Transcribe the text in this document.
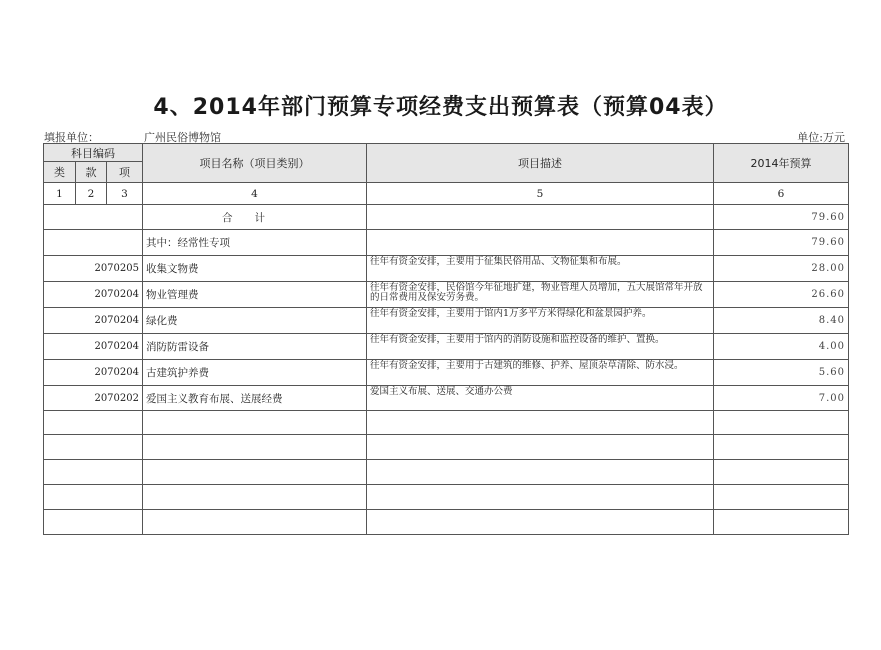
4、2014年部门预算专项经费支出预算表（预算04表）
填报单位：	广州民俗博物馆	单位:万元
科目编码			项目名称（项目类别）	项目描述	2014年预算
类	款	项			
1	2	3	4	5	6
			合计		79.60
			其中：经常性专项		79.60
2070205			收集文物费	往年有资金安排，主要用于征集民俗用品、文物征集和布展。	28.00
2070204			物业管理费	往年有资金安排，民俗馆今年征地扩建，物业管理人员增加，五大展馆常年开放的日常费用及保安劳务费。	26.60
2070204			绿化费	往年有资金安排，主要用于馆内1万多平方米得绿化和盆景园护养。	8.40
2070204			消防防雷设备	往年有资金安排，主要用于馆内的消防设施和监控设备的维护、置换。	4.00
2070204			古建筑护养费	往年有资金安排，主要用于古建筑的维修、护养、屋顶杂草清除、防水浸。	5.60
2070202			爱国主义教育布展、送展经费	爱国主义布展、送展、交通办公费	7.00
